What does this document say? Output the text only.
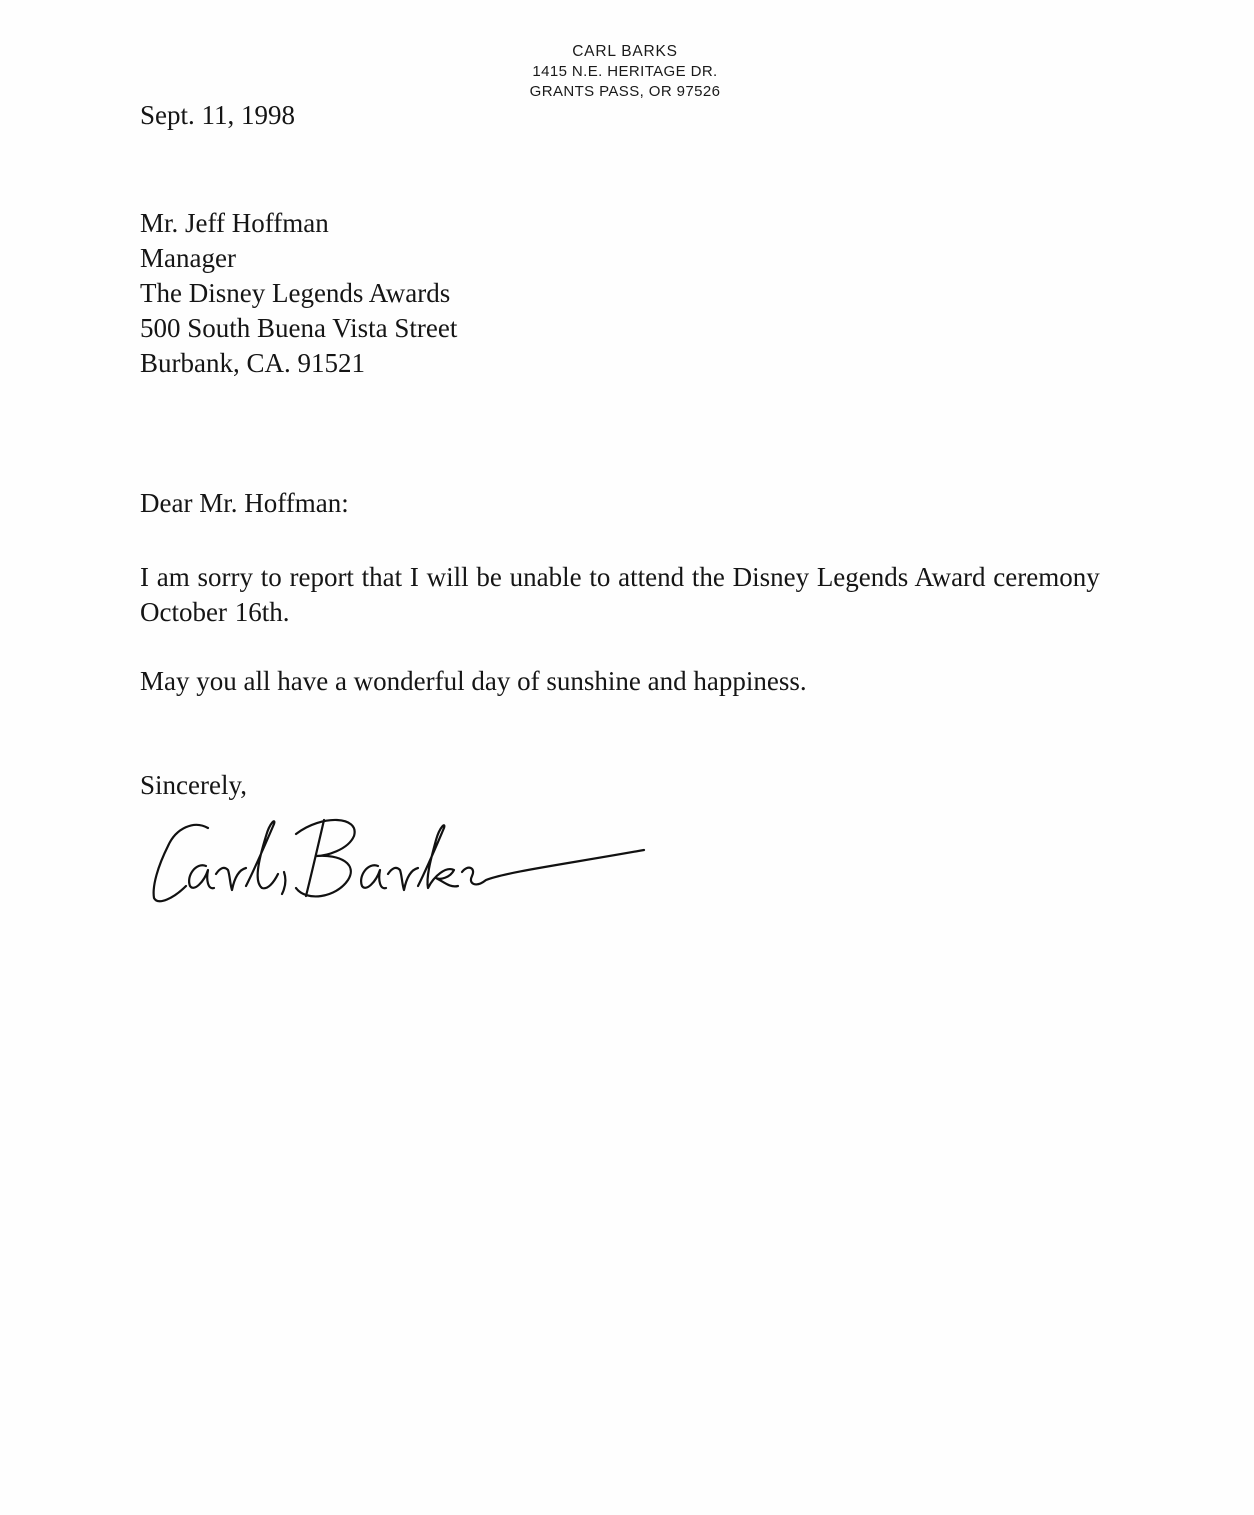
CARL BARKS
1415 N.E. HERITAGE DR.
GRANTS PASS, OR 97526
Sept. 11, 1998
Mr. Jeff Hoffman
Manager
The Disney Legends Awards
500 South Buena Vista Street
Burbank, CA. 91521
Dear Mr. Hoffman:
I am sorry to report that I will be unable to attend the Disney Legends Award ceremony October 16th.
May you all have a wonderful day of sunshine and happiness.
Sincerely,
